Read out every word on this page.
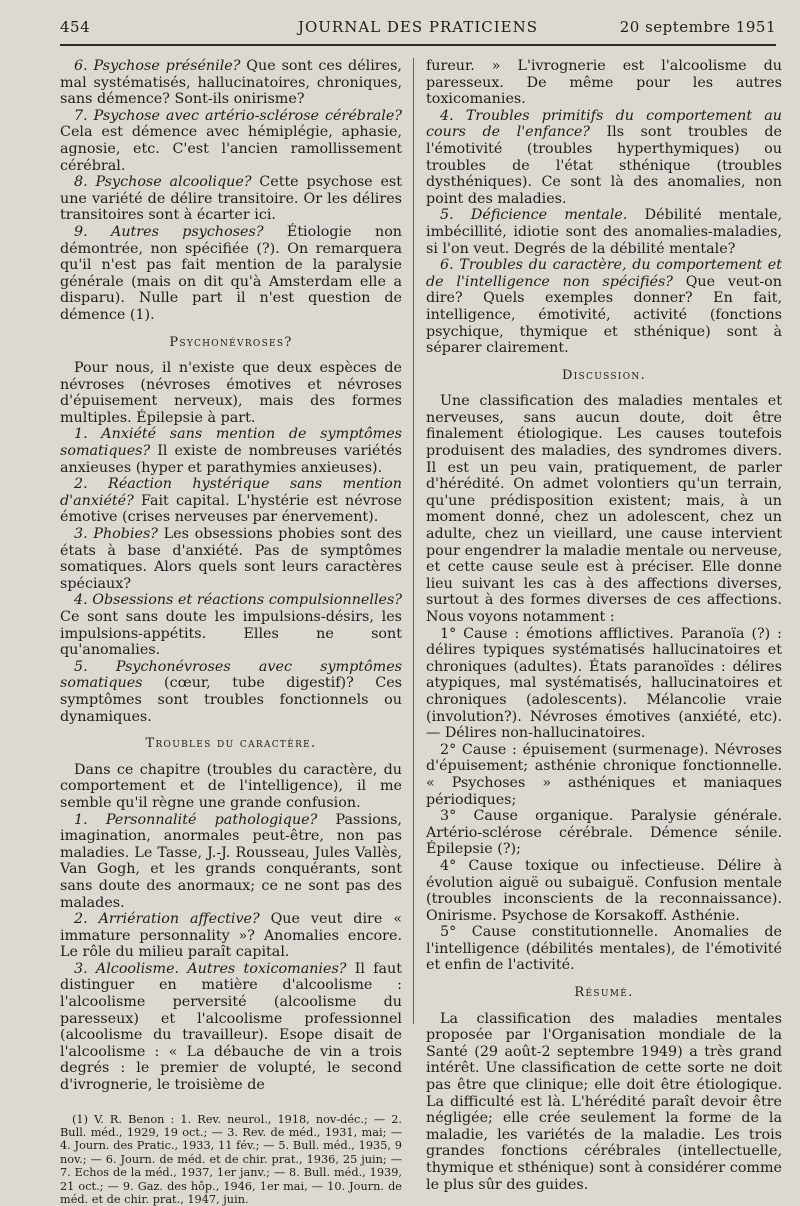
454	JOURNAL DES PRATICIENS	20 septembre 1951

6. Psychose présénile? Que sont ces délires, mal systématisés, hallucinatoires, chroniques, sans démence? Sont-ils onirisme?

7. Psychose avec artério-sclérose cérébrale? Cela est démence avec hémiplégie, aphasie, agnosie, etc. C'est l'ancien ramollissement cérébral.

8. Psychose alcoolique? Cette psychose est une variété de délire transitoire. Or les délires transitoires sont à écarter ici.

9. Autres psychoses? Étiologie non démontrée, non spécifiée (?). On remarquera qu'il n'est pas fait mention de la paralysie générale (mais on dit qu'à Amsterdam elle a disparu). Nulle part il n'est question de démence (1).

Psychonévroses?

Pour nous, il n'existe que deux espèces de névroses (névroses émotives et névroses d'épuisement nerveux), mais des formes multiples. Épilepsie à part.

1. Anxiété sans mention de symptômes somatiques? Il existe de nombreuses variétés anxieuses (hyper et parathymies anxieuses).

2. Réaction hystérique sans mention d'anxiété? Fait capital. L'hystérie est névrose émotive (crises nerveuses par énervement).

3. Phobies? Les obsessions phobies sont des états à base d'anxiété. Pas de symptômes somatiques. Alors quels sont leurs caractères spéciaux?

4. Obsessions et réactions compulsionnelles? Ce sont sans doute les impulsions-désirs, les impulsions-appétits. Elles ne sont qu'anomalies.

5. Psychonévroses avec symptômes somatiques (cœur, tube digestif)? Ces symptômes sont troubles fonctionnels ou dynamiques.

Troubles du caractère.

Dans ce chapitre (troubles du caractère, du comportement et de l'intelligence), il me semble qu'il règne une grande confusion.

1. Personnalité pathologique? Passions, imagination, anormales peut-être, non pas maladies. Le Tasse, J.-J. Rousseau, Jules Vallès, Van Gogh, et les grands conquérants, sont sans doute des anormaux; ce ne sont pas des malades.

2. Arriération affective? Que veut dire « immature personnality »? Anomalies encore. Le rôle du milieu paraît capital.

3. Alcoolisme. Autres toxicomanies? Il faut distinguer en matière d'alcoolisme : l'alcoolisme perversité (alcoolisme du paresseux) et l'alcoolisme professionnel (alcoolisme du travailleur). Esope disait de l'alcoolisme : « La débauche de vin a trois degrés : le premier de volupté, le second d'ivrognerie, le troisième de

(1) V. R. Benon : 1. Rev. neurol., 1918, nov-déc.; — 2. Bull. méd., 1929, 19 oct.; — 3. Rev. de méd., 1931, mai; — 4. Journ. des Pratic., 1933, 11 fév.; — 5. Bull. méd., 1935, 9 nov.; — 6. Journ. de méd. et de chir. prat., 1936, 25 juin; — 7. Echos de la méd., 1937, 1er janv.; — 8. Bull. méd., 1939, 21 oct.; — 9. Gaz. des hôp., 1946, 1er mai, — 10. Journ. de méd. et de chir. prat., 1947, juin.

fureur. » L'ivrognerie est l'alcoolisme du paresseux. De même pour les autres toxicomanies.

4. Troubles primitifs du comportement au cours de l'enfance? Ils sont troubles de l'émotivité (troubles hyperthymiques) ou troubles de l'état sthénique (troubles dysthéniques). Ce sont là des anomalies, non point des maladies.

5. Déficience mentale. Débilité mentale, imbécillité, idiotie sont des anomalies-maladies, si l'on veut. Degrés de la débilité mentale?

6. Troubles du caractère, du comportement et de l'intelligence non spécifiés? Que veut-on dire? Quels exemples donner? En fait, intelligence, émotivité, activité (fonctions psychique, thymique et sthénique) sont à séparer clairement.

Discussion.

Une classification des maladies mentales et nerveuses, sans aucun doute, doit être finalement étiologique. Les causes toutefois produisent des maladies, des syndromes divers. Il est un peu vain, pratiquement, de parler d'hérédité. On admet volontiers qu'un terrain, qu'une prédisposition existent; mais, à un moment donné, chez un adolescent, chez un adulte, chez un vieillard, une cause intervient pour engendrer la maladie mentale ou nerveuse, et cette cause seule est à préciser. Elle donne lieu suivant les cas à des affections diverses, surtout à des formes diverses de ces affections. Nous voyons notamment :

1° Cause : émotions afflictives. Paranoïa (?) : délires typiques systématisés hallucinatoires et chroniques (adultes). États paranoïdes : délires atypiques, mal systématisés, hallucinatoires et chroniques (adolescents). Mélancolie vraie (involution?). Névroses émotives (anxiété, etc). — Délires non-hallucinatoires.

2° Cause : épuisement (surmenage). Névroses d'épuisement; asthénie chronique fonctionnelle. « Psychoses » asthéniques et maniaques périodiques;

3° Cause organique. Paralysie générale. Artério-sclérose cérébrale. Démence sénile. Épilepsie (?);

4° Cause toxique ou infectieuse. Délire à évolution aiguë ou subaiguë. Confusion mentale (troubles inconscients de la reconnaissance). Onirisme. Psychose de Korsakoff. Asthénie.

5° Cause constitutionnelle. Anomalies de l'intelligence (débilités mentales), de l'émotivité et enfin de l'activité.

Résumé.

La classification des maladies mentales proposée par l'Organisation mondiale de la Santé (29 août-2 septembre 1949) a très grand intérêt. Une classification de cette sorte ne doit pas être que clinique; elle doit être étiologique. La difficulté est là. L'hérédité paraît devoir être négligée; elle crée seulement la forme de la maladie, les variétés de la maladie. Les trois grandes fonctions cérébrales (intellectuelle, thymique et sthénique) sont à considérer comme le plus sûr des guides.
